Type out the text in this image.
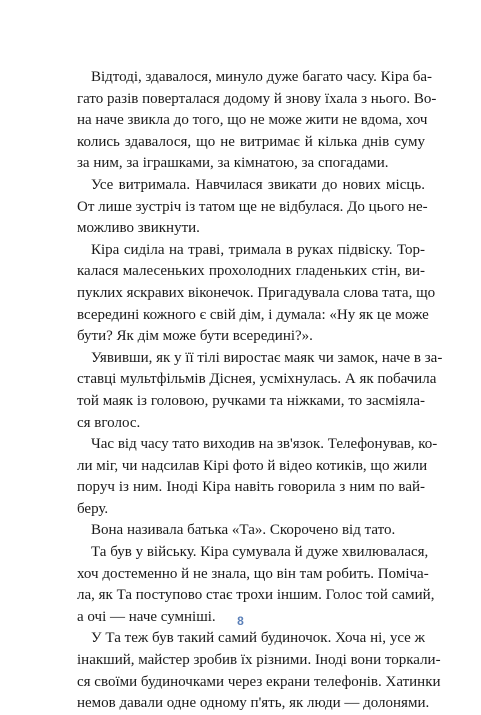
Відтоді, здавалося, минуло дуже багато часу. Кіра ба-
гато разів поверталася додому й знову їхала з нього. Во-
на наче звикла до того, що не може жити не вдома, хоч
колись здавалося, що не витримає й кілька днів суму
за ним, за іграшками, за кімнатою, за спогадами.
Усе витримала. Навчилася звикати до нових місць.
От лише зустріч із татом ще не відбулася. До цього не-
можливо звикнути.
Кіра сиділа на траві, тримала в руках підвіску. Тор-
калася малесеньких прохолодних гладеньких стін, ви-
пуклих яскравих віконечок. Пригадувала слова тата, що
всередині кожного є свій дім, і думала: «Ну як це може
бути? Як дім може бути всередині?».
Уявивши, як у її тілі виростає маяк чи замок, наче в за-
ставці мультфільмів Діснея, усміхнулась. А як побачила
той маяк із головою, ручками та ніжками, то засміяла-
ся вголос.
Час від часу тато виходив на зв'язок. Телефонував, ко-
ли міг, чи надсилав Кірі фото й відео котиків, що жили
поруч із ним. Іноді Кіра навіть говорила з ним по вай-
беру.
Вона називала батька «Та». Скорочено від тато.
Та був у війську. Кіра сумувала й дуже хвилювалася,
хоч достеменно й не знала, що він там робить. Поміча-
ла, як Та поступово стає трохи іншим. Голос той самий,
а очі — наче сумніші.
У Та теж був такий самий будиночок. Хоча ні, усе ж
інакший, майстер зробив їх різними. Іноді вони торкали-
ся своїми будиночками через екрани телефонів. Хатинки
немов давали одне одному п'ять, як люди — долонями.
8
